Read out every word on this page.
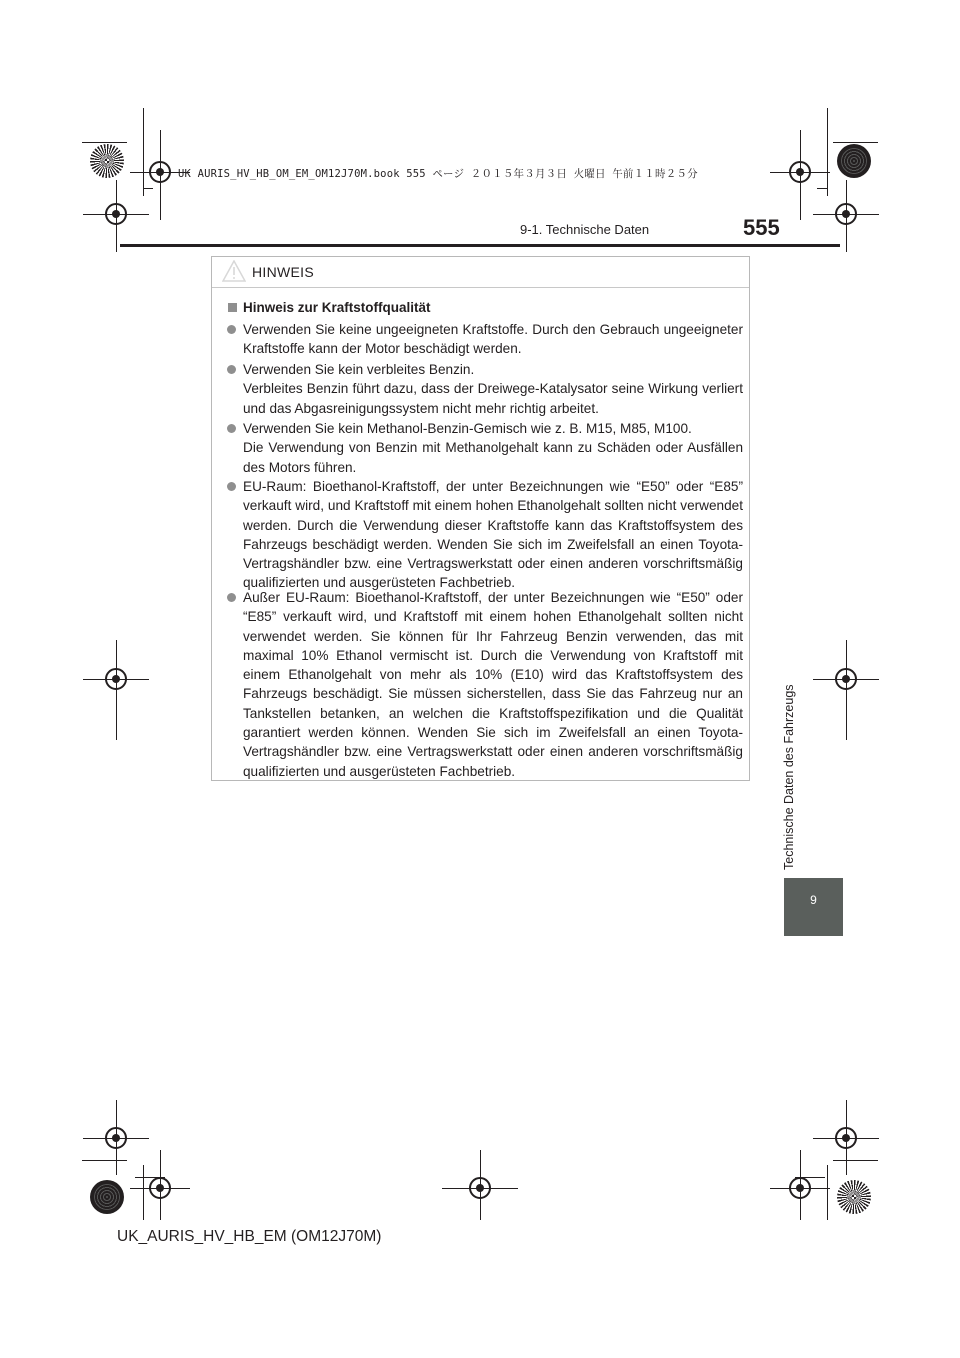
UK AURIS_HV_HB_OM_EM_OM12J70M.book 555 ページ ２０１５年３月３日 火曜日 午前１１時２５分
9-1. Technische Daten	555
HINWEIS
Hinweis zur Kraftstoffqualität

Verwenden Sie keine ungeeigneten Kraftstoffe. Durch den Gebrauch ungeeigneter Kraftstoffe kann der Motor beschädigt werden.

Verwenden Sie kein verbleites Benzin.

Verbleites Benzin führt dazu, dass der Dreiwege-Katalysator seine Wirkung verliert und das Abgasreinigungssystem nicht mehr richtig arbeitet.

Verwenden Sie kein Methanol-Benzin-Gemisch wie z. B. M15, M85, M100.

Die Verwendung von Benzin mit Methanolgehalt kann zu Schäden oder Ausfällen des Motors führen.

EU-Raum: Bioethanol-Kraftstoff, der unter Bezeichnungen wie “E50” oder “E85” verkauft wird, und Kraftstoff mit einem hohen Ethanolgehalt sollten nicht verwendet werden. Durch die Verwendung dieser Kraftstoffe kann das Kraftstoffsystem des Fahrzeugs beschädigt werden. Wenden Sie sich im Zweifelsfall an einen Toyota-Vertragshändler bzw. eine Vertragswerkstatt oder einen anderen vorschriftsmäßig qualifizierten und ausgerüsteten Fachbetrieb.

Außer EU-Raum: Bioethanol-Kraftstoff, der unter Bezeichnungen wie “E50” oder “E85” verkauft wird, und Kraftstoff mit einem hohen Ethanolgehalt sollten nicht verwendet werden. Sie können für Ihr Fahrzeug Benzin verwenden, das mit maximal 10% Ethanol vermischt ist. Durch die Verwendung von Kraftstoff mit einem Ethanolgehalt von mehr als 10% (E10) wird das Kraftstoffsystem des Fahrzeugs beschädigt. Sie müssen sicherstellen, dass Sie das Fahrzeug nur an Tankstellen betanken, an welchen die Kraftstoffspezifikation und die Qualität garantiert werden können. Wenden Sie sich im Zweifelsfall an einen Toyota-Vertragshändler bzw. eine Vertragswerkstatt oder einen anderen vorschriftsmäßig qualifizierten und ausgerüsteten Fachbetrieb.	Technische Daten des Fahrzeugs
9
UK_AURIS_HV_HB_EM (OM12J70M)
